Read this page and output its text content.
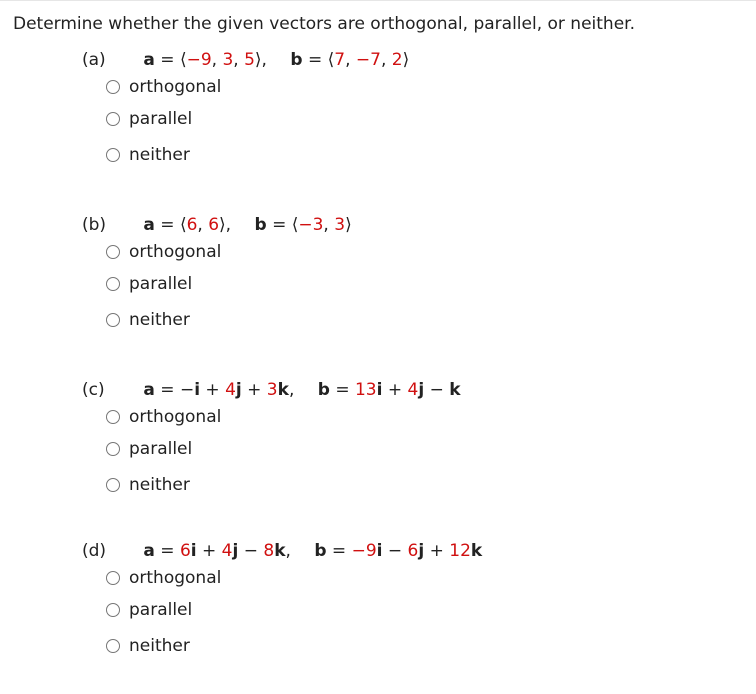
Determine whether the given vectors are orthogonal, parallel, or neither.
(a) a = ⟨−9, 3, 5⟩, b = ⟨7, −7, 2⟩
orthogonal
parallel
neither
(b) a = ⟨6, 6⟩, b = ⟨−3, 3⟩
orthogonal
parallel
neither
(c) a = −i + 4j + 3k, b = 13i + 4j − k
orthogonal
parallel
neither
(d) a = 6i + 4j − 8k, b = −9i − 6j + 12k
orthogonal
parallel
neither
